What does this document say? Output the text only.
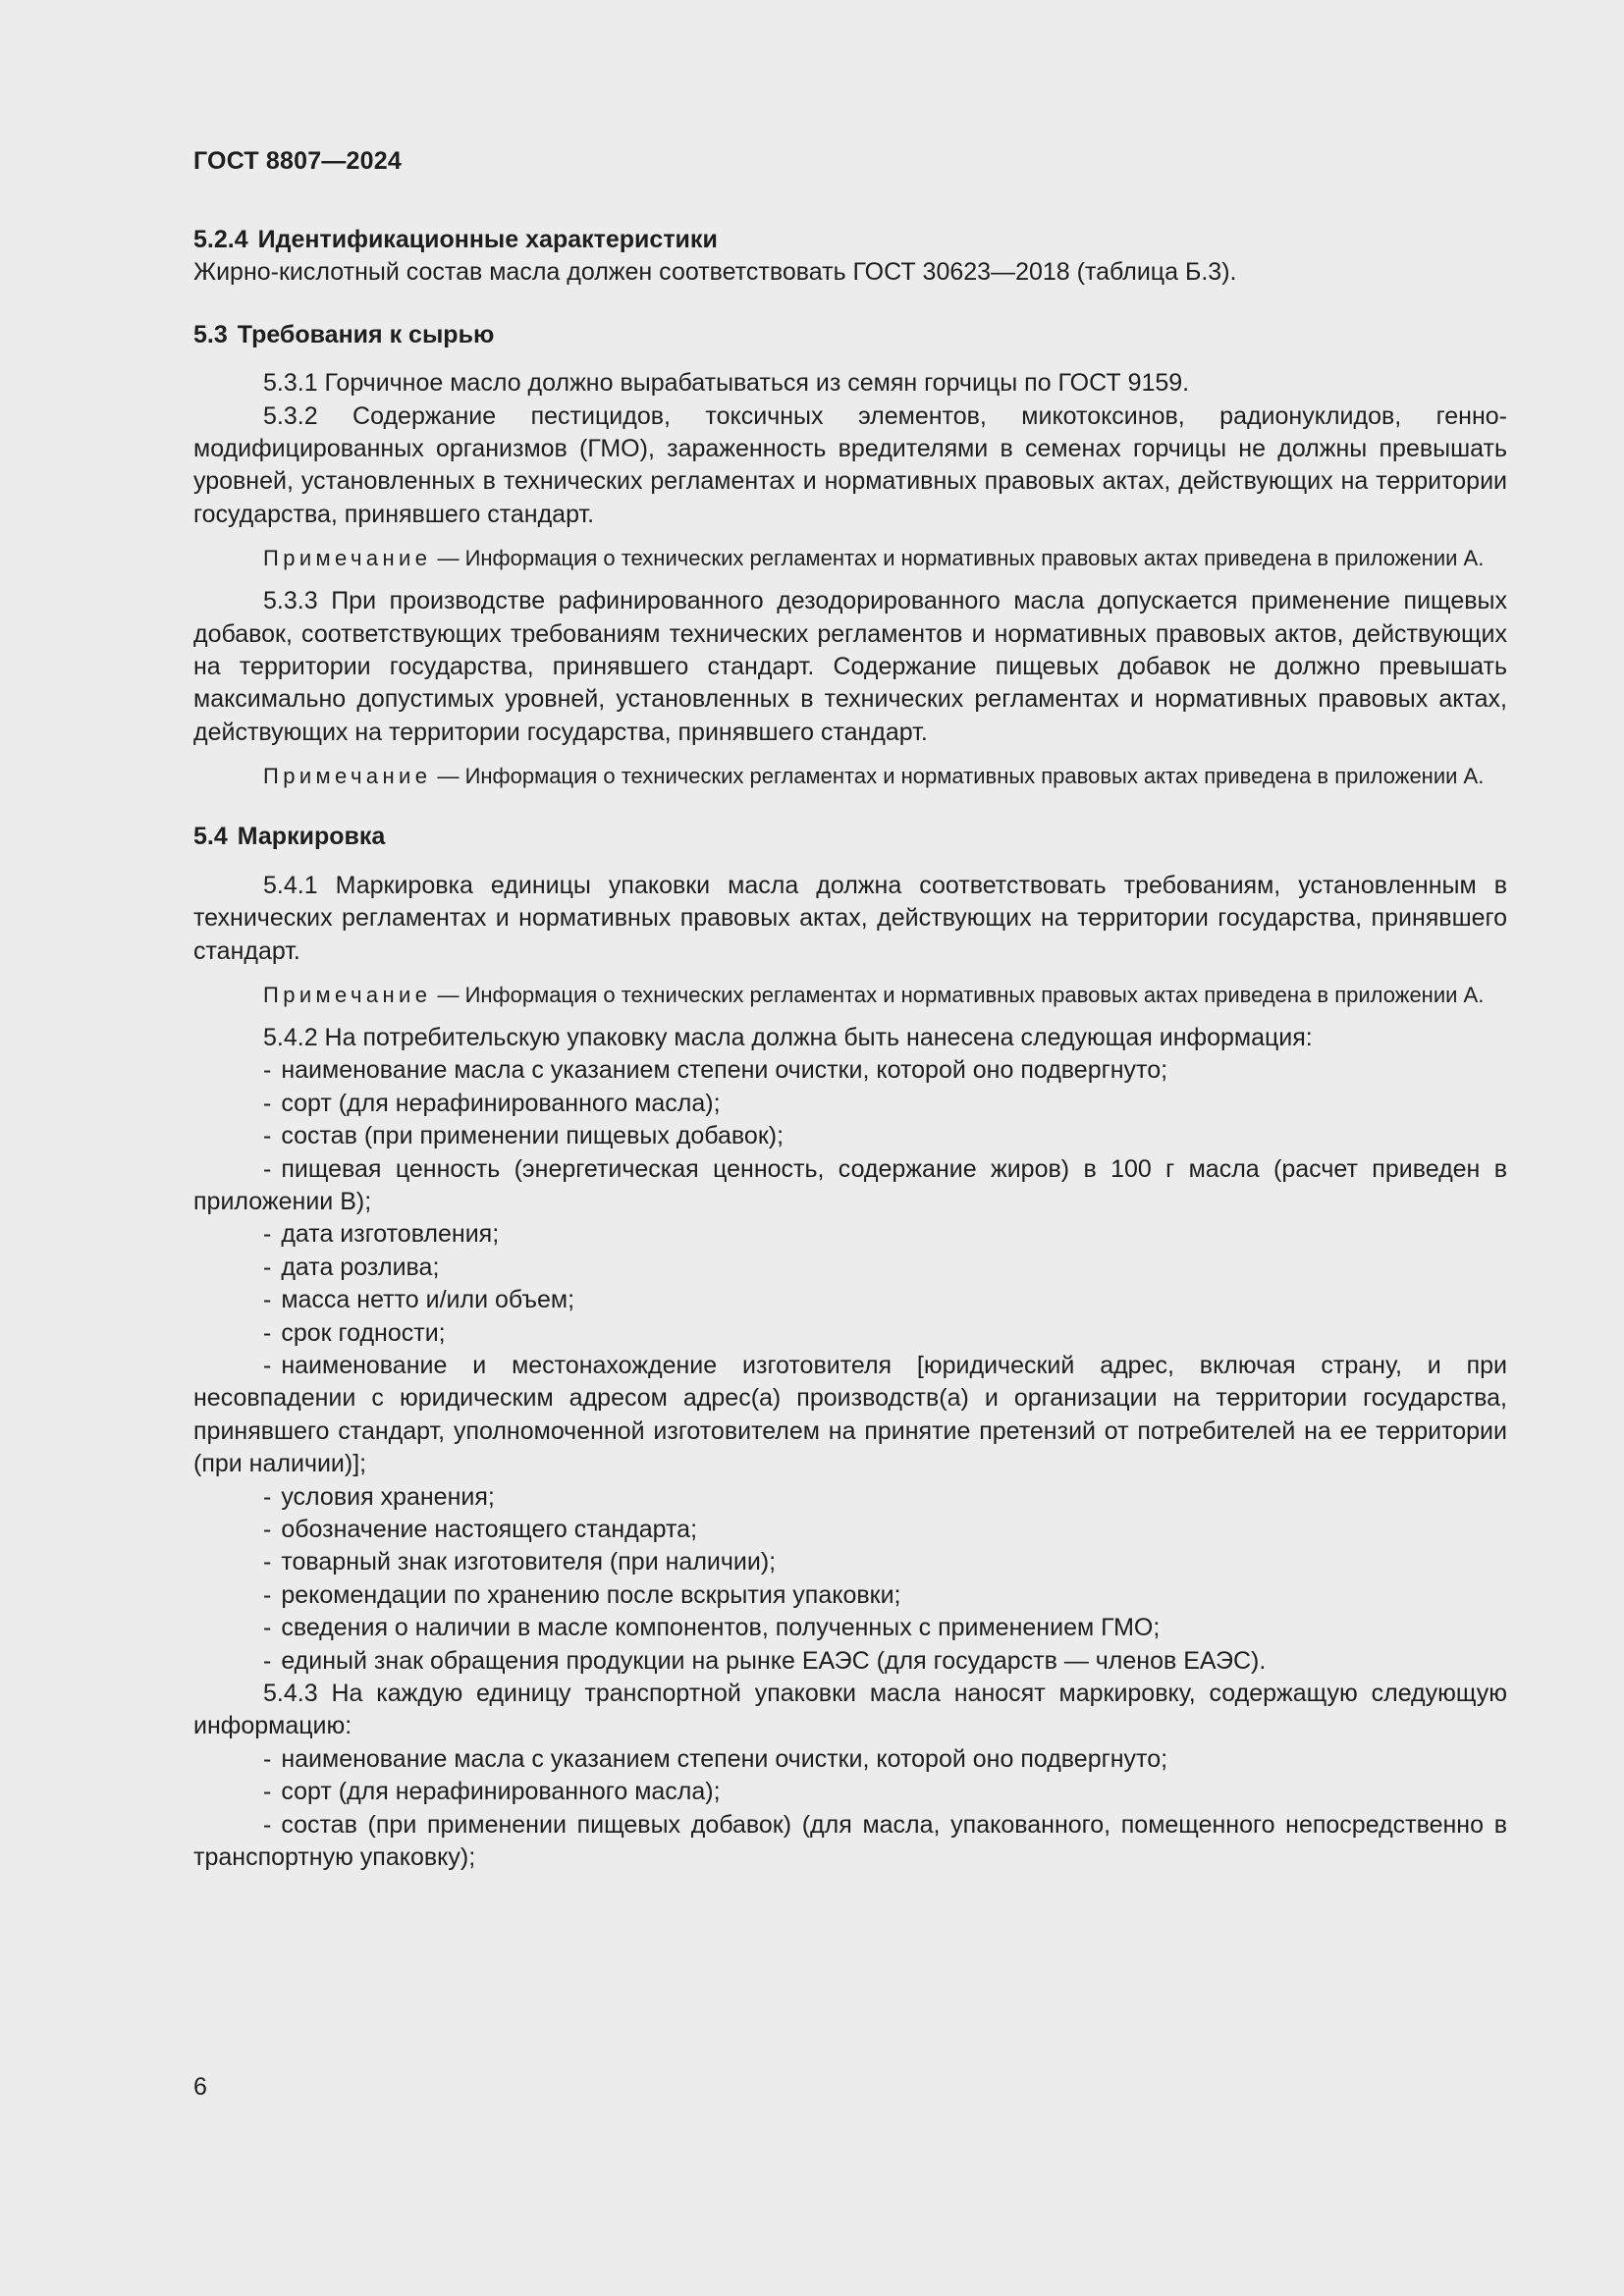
ГОСТ 8807—2024

5.2.4 Идентификационные характеристики

Жирно-кислотный состав масла должен соответствовать ГОСТ 30623—2018 (таблица Б.3).

5.3 Требования к сырью

5.3.1 Горчичное масло должно вырабатываться из семян горчицы по ГОСТ 9159.

5.3.2 Содержание пестицидов, токсичных элементов, микотоксинов, радионуклидов, генно-модифицированных организмов (ГМО), зараженность вредителями в семенах горчицы не должны превышать уровней, установленных в технических регламентах и нормативных правовых актах, действующих на территории государства, принявшего стандарт.

Примечание — Информация о технических регламентах и нормативных правовых актах приведена в приложении А.

5.3.3 При производстве рафинированного дезодорированного масла допускается применение пищевых добавок, соответствующих требованиям технических регламентов и нормативных правовых актов, действующих на территории государства, принявшего стандарт. Содержание пищевых добавок не должно превышать максимально допустимых уровней, установленных в технических регламентах и нормативных правовых актах, действующих на территории государства, принявшего стандарт.

Примечание — Информация о технических регламентах и нормативных правовых актах приведена в приложении А.

5.4 Маркировка

5.4.1 Маркировка единицы упаковки масла должна соответствовать требованиям, установленным в технических регламентах и нормативных правовых актах, действующих на территории государства, принявшего стандарт.

Примечание — Информация о технических регламентах и нормативных правовых актах приведена в приложении А.

5.4.2 На потребительскую упаковку масла должна быть нанесена следующая информация:

- наименование масла с указанием степени очистки, которой оно подвергнуто;

- сорт (для нерафинированного масла);

- состав (при применении пищевых добавок);

- пищевая ценность (энергетическая ценность, содержание жиров) в 100 г масла (расчет приведен в приложении В);

- дата изготовления;

- дата розлива;

- масса нетто и/или объем;

- срок годности;

- наименование и местонахождение изготовителя [юридический адрес, включая страну, и при несовпадении с юридическим адресом адрес(а) производств(а) и организации на территории государства, принявшего стандарт, уполномоченной изготовителем на принятие претензий от потребителей на ее территории (при наличии)];

- условия хранения;

- обозначение настоящего стандарта;

- товарный знак изготовителя (при наличии);

- рекомендации по хранению после вскрытия упаковки;

- сведения о наличии в масле компонентов, полученных с применением ГМО;

- единый знак обращения продукции на рынке ЕАЭС (для государств — членов ЕАЭС).

5.4.3 На каждую единицу транспортной упаковки масла наносят маркировку, содержащую следующую информацию:

- наименование масла с указанием степени очистки, которой оно подвергнуто;

- сорт (для нерафинированного масла);

- состав (при применении пищевых добавок) (для масла, упакованного, помещенного непосредственно в транспортную упаковку);

6
